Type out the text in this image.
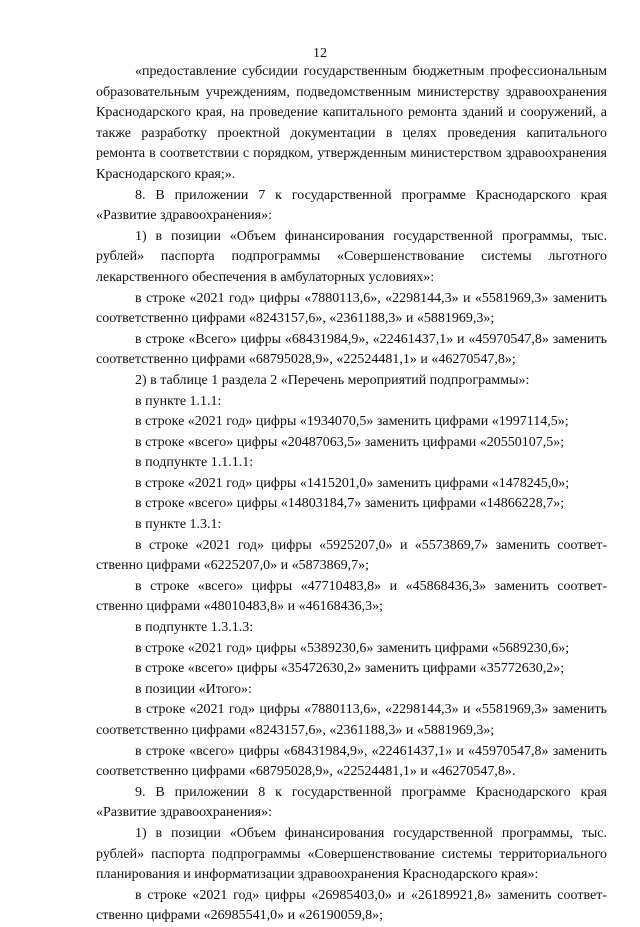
12

«предоставление субсидии государственным бюджетным профессиональным образовательным учреждениям, подведомственным министерству здравоохранения Краснодарского края, на проведение капитального ремонта зданий и сооружений, а также разработку проектной документации в целях проведения капитального ремонта в соответствии с порядком, утвержденным министерством здравоохранения Краснодарского края;».

8. В приложении 7 к государственной программе Краснодарского края «Развитие здравоохранения»:

1) в позиции «Объем финансирования государственной программы, тыс. рублей» паспорта подпрограммы «Совершенствование системы льготного лекарственного обеспечения в амбулаторных условиях»:

в строке «2021 год» цифры «7880113,6», «2298144,3» и «5581969,3» заменить соответственно цифрами «8243157,6», «2361188,3» и «5881969,3»;

в строке «Всего» цифры «68431984,9», «22461437,1» и «45970547,8» заменить соответственно цифрами «68795028,9», «22524481,1» и «46270547,8»;

2) в таблице 1 раздела 2 «Перечень мероприятий подпрограммы»:

в пункте 1.1.1:

в строке «2021 год» цифры «1934070,5» заменить цифрами «1997114,5»;

в строке «всего» цифры «20487063,5» заменить цифрами «20550107,5»;

в подпункте 1.1.1.1:

в строке «2021 год» цифры «1415201,0» заменить цифрами «1478245,0»;

в строке «всего» цифры «14803184,7» заменить цифрами «14866228,7»;

в пункте 1.3.1:

в строке «2021 год» цифры «5925207,0» и «5573869,7» заменить соответственно цифрами «6225207,0» и «5873869,7»;

в строке «всего» цифры «47710483,8» и «45868436,3» заменить соответственно цифрами «48010483,8» и «46168436,3»;

в подпункте 1.3.1.3:

в строке «2021 год» цифры «5389230,6» заменить цифрами «5689230,6»;

в строке «всего» цифры «35472630,2» заменить цифрами «35772630,2»;

в позиции «Итого»:

в строке «2021 год» цифры «7880113,6», «2298144,3» и «5581969,3» заменить соответственно цифрами «8243157,6», «2361188,3» и «5881969,3»;

в строке «всего» цифры «68431984,9», «22461437,1» и «45970547,8» заменить соответственно цифрами «68795028,9», «22524481,1» и «46270547,8».

9. В приложении 8 к государственной программе Краснодарского края «Развитие здравоохранения»:

1) в позиции «Объем финансирования государственной программы, тыс. рублей» паспорта подпрограммы «Совершенствование системы территориального планирования и информатизации здравоохранения Краснодарского края»:

в строке «2021 год» цифры «26985403,0» и «26189921,8» заменить соответственно цифрами «26985541,0» и «26190059,8»;
